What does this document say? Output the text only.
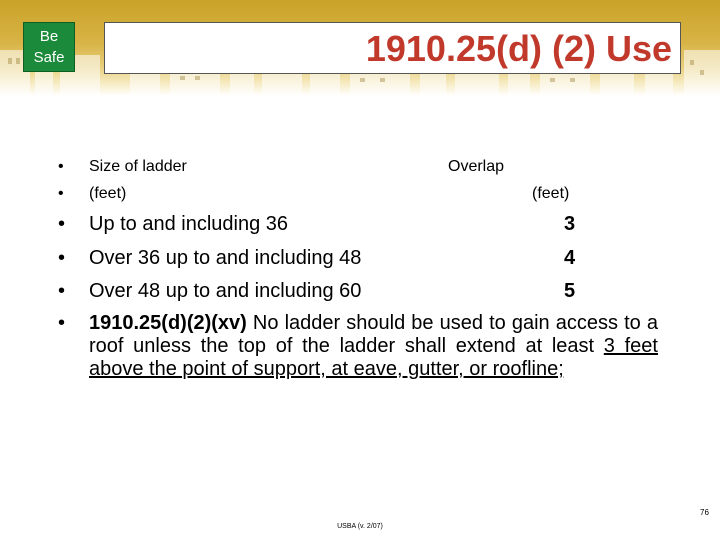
Be
Safe	1910.25(d) (2) Use
• Size of ladder	Overlap
• (feet)	(feet)
• Up to and including 36	3
• Over 36 up to and including 48	4
• Over 48 up to and including 60	5
• 1910.25(d)(2)(xv) No ladder should be used to gain access to a roof unless the top of the ladder shall extend at least 3 feet above the point of support, at eave, gutter, or roofline;
76
USBA (v. 2/07)
